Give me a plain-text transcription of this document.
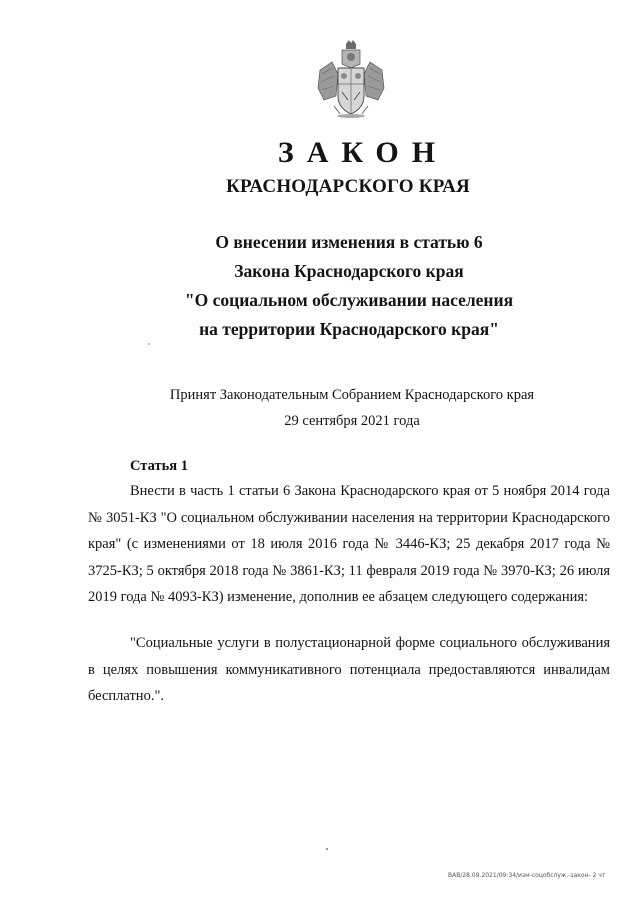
ЗАКОН
КРАСНОДАРСКОГО КРАЯ
О внесении изменения в статью 6
Закона Краснодарского края
"О социальном обслуживании населения
на территории Краснодарского края"
Принят Законодательным Собранием Краснодарского края
29 сентября 2021 года
Статья 1

Внести в часть 1 статьи 6 Закона Краснодарского края от 5 ноября 2014 года № 3051-КЗ "О социальном обслуживании населения на территории Краснодарского края" (с изменениями от 18 июля 2016 года № 3446-КЗ; 25 декабря 2017 года № 3725-КЗ; 5 октября 2018 года № 3861-КЗ; 11 февраля 2019 года № 3970-КЗ; 26 июля 2019 года № 4093-КЗ) изменение, дополнив ее абзацем следующего содержания:

"Социальные услуги в полустационарной форме социального обслуживания в целях повышения коммуникативного потенциала предоставляются инвалидам бесплатно.".

ВАВ/28.09.2021/09:34/изм-соцобслуж.-закон- 2 чт
